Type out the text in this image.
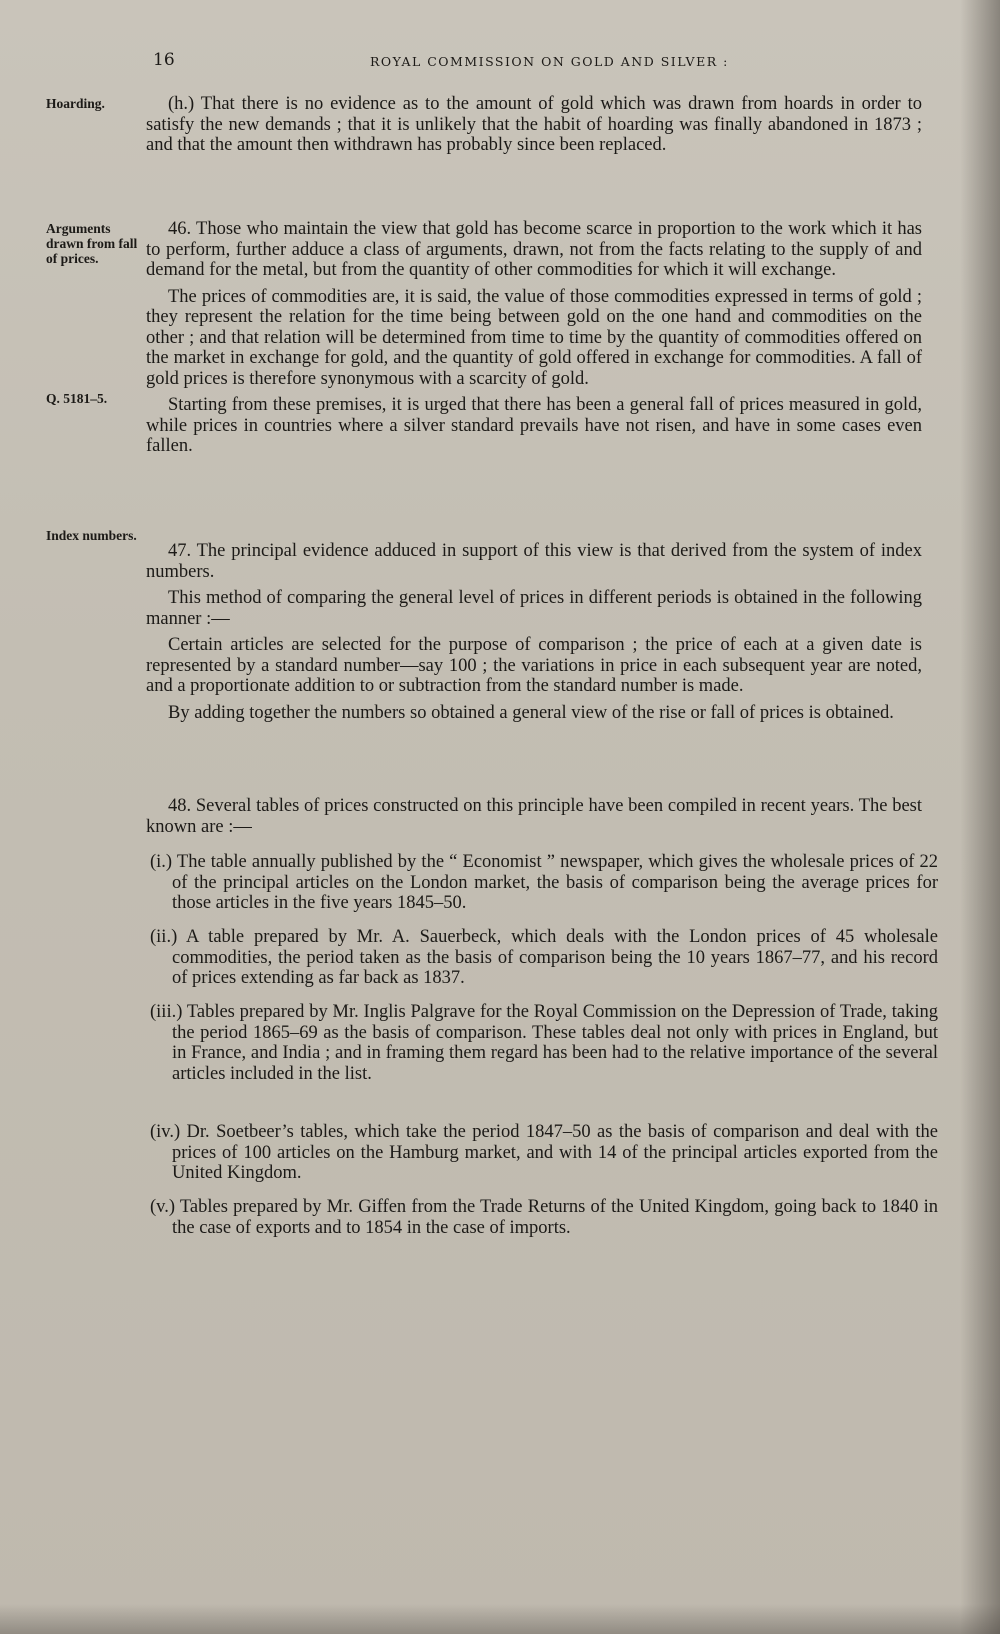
16	ROYAL COMMISSION ON GOLD AND SILVER :
Hoarding.
Arguments drawn from fall of prices.
Q. 5181–5.
Index numbers.

(h.) That there is no evidence as to the amount of gold which was drawn from hoards in order to satisfy the new demands ; that it is unlikely that the habit of hoarding was finally abandoned in 1873 ; and that the amount then withdrawn has probably since been replaced.

46. Those who maintain the view that gold has become scarce in proportion to the work which it has to perform, further adduce a class of arguments, drawn, not from the facts relating to the supply of and demand for the metal, but from the quantity of other commodities for which it will exchange.

The prices of commodities are, it is said, the value of those commodities expressed in terms of gold ; they represent the relation for the time being between gold on the one hand and commodities on the other ; and that relation will be determined from time to time by the quantity of commodities offered on the market in exchange for gold, and the quantity of gold offered in exchange for commodities. A fall of gold prices is therefore synonymous with a scarcity of gold.

Starting from these premises, it is urged that there has been a general fall of prices measured in gold, while prices in countries where a silver standard prevails have not risen, and have in some cases even fallen.

47. The principal evidence adduced in support of this view is that derived from the system of index numbers.

This method of comparing the general level of prices in different periods is obtained in the following manner :—

Certain articles are selected for the purpose of comparison ; the price of each at a given date is represented by a standard number—say 100 ; the variations in price in each subsequent year are noted, and a proportionate addition to or subtraction from the standard number is made.

By adding together the numbers so obtained a general view of the rise or fall of prices is obtained.

48. Several tables of prices constructed on this principle have been compiled in recent years. The best known are :—

(i.) The table annually published by the “ Economist ” newspaper, which gives the wholesale prices of 22 of the principal articles on the London market, the basis of comparison being the average prices for those articles in the five years 1845–50.
(ii.) A table prepared by Mr. A. Sauerbeck, which deals with the London prices of 45 wholesale commodities, the period taken as the basis of comparison being the 10 years 1867–77, and his record of prices extending as far back as 1837.
(iii.) Tables prepared by Mr. Inglis Palgrave for the Royal Commission on the Depression of Trade, taking the period 1865–69 as the basis of comparison. These tables deal not only with prices in England, but in France, and India ; and in framing them regard has been had to the relative importance of the several articles included in the list.
(iv.) Dr. Soetbeer’s tables, which take the period 1847–50 as the basis of comparison and deal with the prices of 100 articles on the Hamburg market, and with 14 of the principal articles exported from the United Kingdom.
(v.) Tables prepared by Mr. Giffen from the Trade Returns of the United Kingdom, going back to 1840 in the case of exports and to 1854 in the case of imports.
